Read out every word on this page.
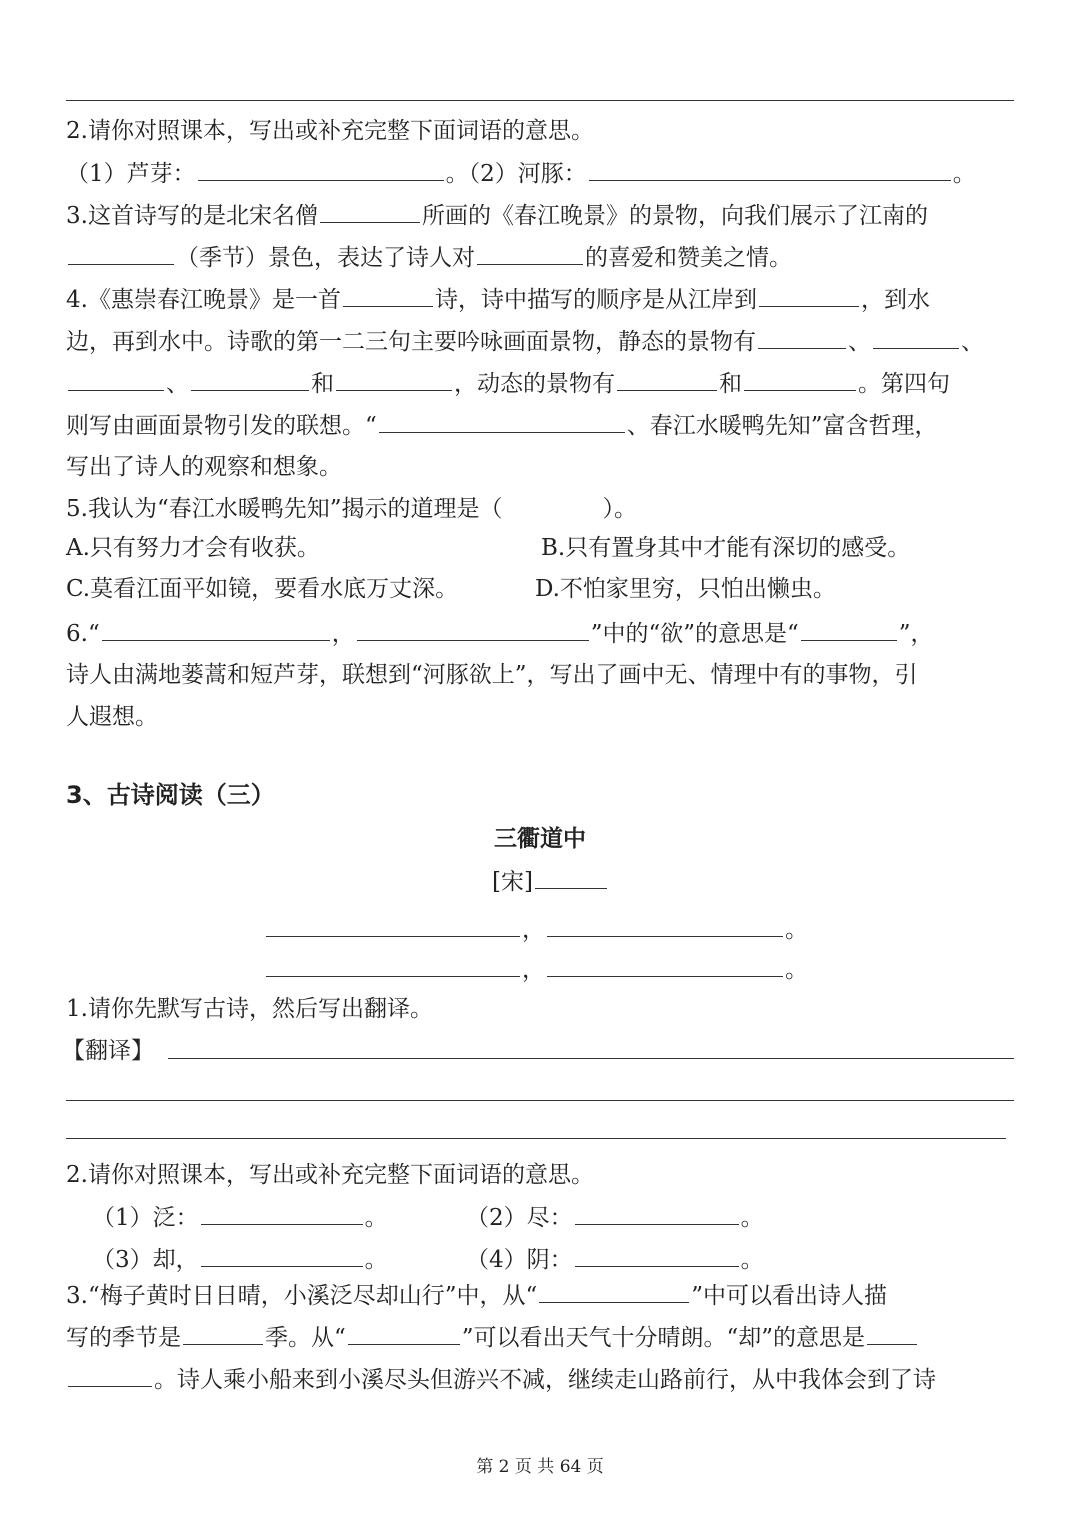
2.请你对照课本，写出或补充完整下面词语的意思。
（1）芦芽：	。（2）河豚：	。
3.这首诗写的是北宋名僧	所画的《春江晚景》的景物，向我们展示了江南的
（季节）景色，表达了诗人对	的喜爱和赞美之情。
4.《惠崇春江晚景》是一首	诗，诗中描写的顺序是从江岸到	，到水
边，再到水中。诗歌的第一二三句主要吟咏画面景物，静态的景物有	、	、
、	和	，动态的景物有	和	。第四句
则写由画面景物引发的联想。“	、春江水暖鸭先知”富含哲理，
写出了诗人的观察和想象。
5.我认为“春江水暖鸭先知”揭示的道理是（	）。
A.只有努力才会有收获。	B.只有置身其中才能有深切的感受。
C.莫看江面平如镜，要看水底万丈深。	D.不怕家里穷，只怕出懒虫。
6.“	，	”中的“欲”的意思是“	”，
诗人由满地蒌蒿和短芦芽，联想到“河豚欲上”，写出了画中无、情理中有的事物，引
人遐想。
3、古诗阅读（三）
三衢道中
[宋]
，	。
，	。
1.请你先默写古诗，然后写出翻译。
【翻译】
2.请你对照课本，写出或补充完整下面词语的意思。
（1）泛：	。	（2）尽：	。
（3）却，	。	（4）阴：	。
3.“梅子黄时日日晴，小溪泛尽却山行”中，从“	”中可以看出诗人描
写的季节是	季。从“	”可以看出天气十分晴朗。“却”的意思是
。诗人乘小船来到小溪尽头但游兴不减，继续走山路前行，从中我体会到了诗
第 2 页 共 64 页
